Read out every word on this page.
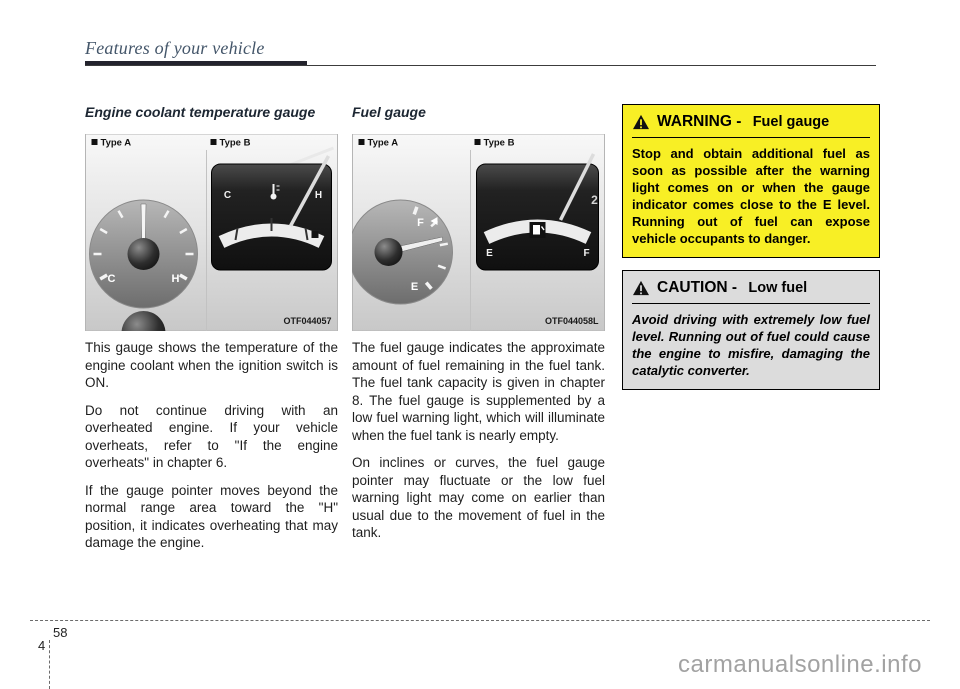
Features of your vehicle
Engine coolant temperature gauge
Type A	Type B
C	H
C	H
OTF044057

This gauge shows the temperature of the engine coolant when the ignition switch is ON.

Do not continue driving with an overheated engine. If your vehicle overheats, refer to "If the engine overheats" in chapter 6.

If the gauge pointer moves beyond the normal range area toward the "H" position, it indicates overheating that may damage the engine.

Fuel gauge
Type A	Type B
F
E
2
E	F
OTF044058L

The fuel gauge indicates the approximate amount of fuel remaining in the fuel tank. The fuel tank capacity is given in chapter 8. The fuel gauge is supplemented by a low fuel warning light, which will illuminate when the fuel tank is nearly empty.

On inclines or curves, the fuel gauge pointer may fluctuate or the low fuel warning light may come on earlier than usual due to the movement of fuel in the tank.

WARNING - Fuel gauge
Stop and obtain additional fuel as soon as possible after the warning light comes on or when the gauge indicator comes close to the E level. Running out of fuel can expose vehicle occupants to danger.
CAUTION - Low fuel
Avoid driving with extremely low fuel level. Running out of fuel could cause the engine to misfire, damaging the catalytic converter.
58
4
carmanualsonline.info
